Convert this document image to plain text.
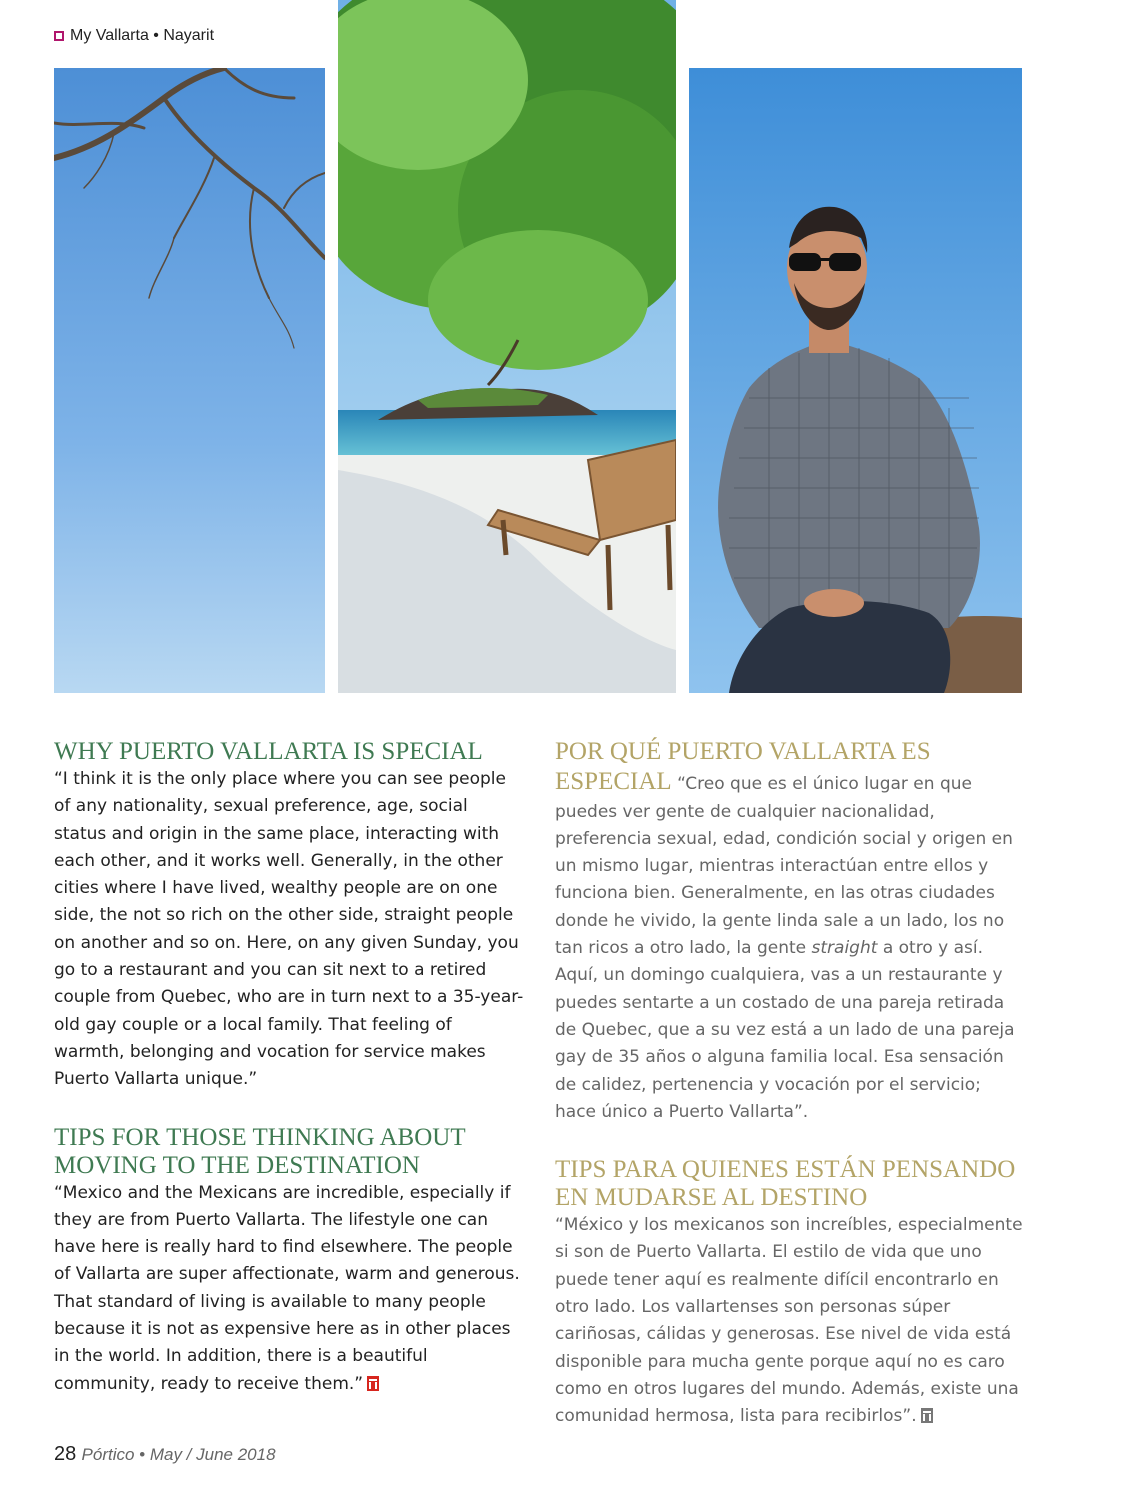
My Vallarta • Nayarit
WHY PUERTO VALLARTA IS SPECIAL

“I think it is the only place where you can see people of any nationality, sexual preference, age, social status and origin in the same place, interacting with each other, and it works well. Generally, in the other cities where I have lived, wealthy people are on one side, the not so rich on the other side, straight people on another and so on. Here, on any given Sunday, you go to a restaurant and you can sit next to a retired couple from Quebec, who are in turn next to a 35-year-old gay couple or a local family. That feeling of warmth, belonging and vocation for service makes Puerto Vallarta unique.”

TIPS FOR THOSE THINKING ABOUT MOVING TO THE DESTINATION

“Mexico and the Mexicans are incredible, especially if they are from Puerto Vallarta. The lifestyle one can have here is really hard to find elsewhere. The people of Vallarta are super affectionate, warm and generous. That standard of living is available to many people because it is not as expensive here as in other places in the world. In addition, there is a beautiful community, ready to receive them.”

POR QUÉ PUERTO VALLARTA ES ESPECIAL “Creo que es el único lugar en que puedes ver gente de cualquier nacionalidad, preferencia sexual, edad, condición social y origen en un mismo lugar, mientras interactúan entre ellos y funciona bien. Generalmente, en las otras ciudades donde he vivido, la gente linda sale a un lado, los no tan ricos a otro lado, la gente straight a otro y así. Aquí, un domingo cualquiera, vas a un restaurante y puedes sentarte a un costado de una pareja retirada de Quebec, que a su vez está a un lado de una pareja gay de 35 años o alguna familia local. Esa sensación de calidez, pertenencia y vocación por el servicio; hace único a Puerto Vallarta”.

TIPS PARA QUIENES ESTÁN PENSANDO EN MUDARSE AL DESTINO

“México y los mexicanos son increíbles, especialmente si son de Puerto Vallarta. El estilo de vida que uno puede tener aquí es realmente difícil encontrarlo en otro lado. Los vallartenses son personas súper cariñosas, cálidas y generosas. Ese nivel de vida está disponible para mucha gente porque aquí no es caro como en otros lugares del mundo. Además, existe una comunidad hermosa, lista para recibirlos”.

28 Pórtico • May / June 2018
